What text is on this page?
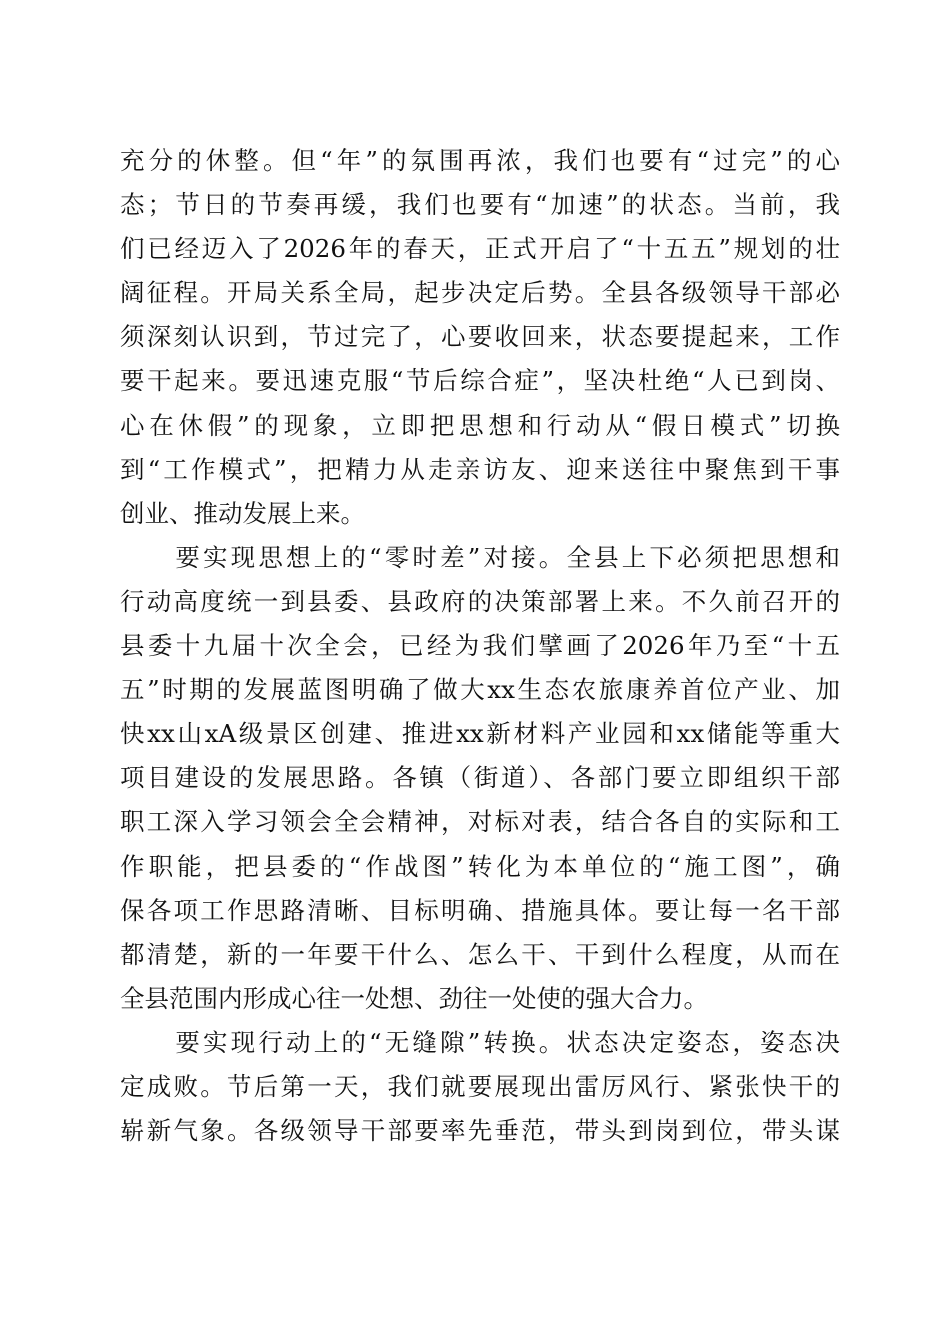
充分的休整。但“年”的氛围再浓，我们也要有“过完”的心
态；节日的节奏再缓，我们也要有“加速”的状态。当前，我
们已经迈入了2026年的春天，正式开启了“十五五”规划的壮
阔征程。开局关系全局，起步决定后势。全县各级领导干部必
须深刻认识到，节过完了，心要收回来，状态要提起来，工作
要干起来。要迅速克服“节后综合症”，坚决杜绝“人已到岗、
心在休假”的现象，立即把思想和行动从“假日模式”切换
到“工作模式”，把精力从走亲访友、迎来送往中聚焦到干事
创业、推动发展上来。
　　要实现思想上的“零时差”对接。全县上下必须把思想和
行动高度统一到县委、县政府的决策部署上来。不久前召开的
县委十九届十次全会，已经为我们擘画了2026年乃至“十五
五”时期的发展蓝图明确了做大xx生态农旅康养首位产业、加
快xx山xA级景区创建、推进xx新材料产业园和xx储能等重大
项目建设的发展思路。各镇（街道）、各部门要立即组织干部
职工深入学习领会全会精神，对标对表，结合各自的实际和工
作职能，把县委的“作战图”转化为本单位的“施工图”，确
保各项工作思路清晰、目标明确、措施具体。要让每一名干部
都清楚，新的一年要干什么、怎么干、干到什么程度，从而在
全县范围内形成心往一处想、劲往一处使的强大合力。
　　要实现行动上的“无缝隙”转换。状态决定姿态，姿态决
定成败。节后第一天，我们就要展现出雷厉风行、紧张快干的
崭新气象。各级领导干部要率先垂范，带头到岗到位，带头谋
